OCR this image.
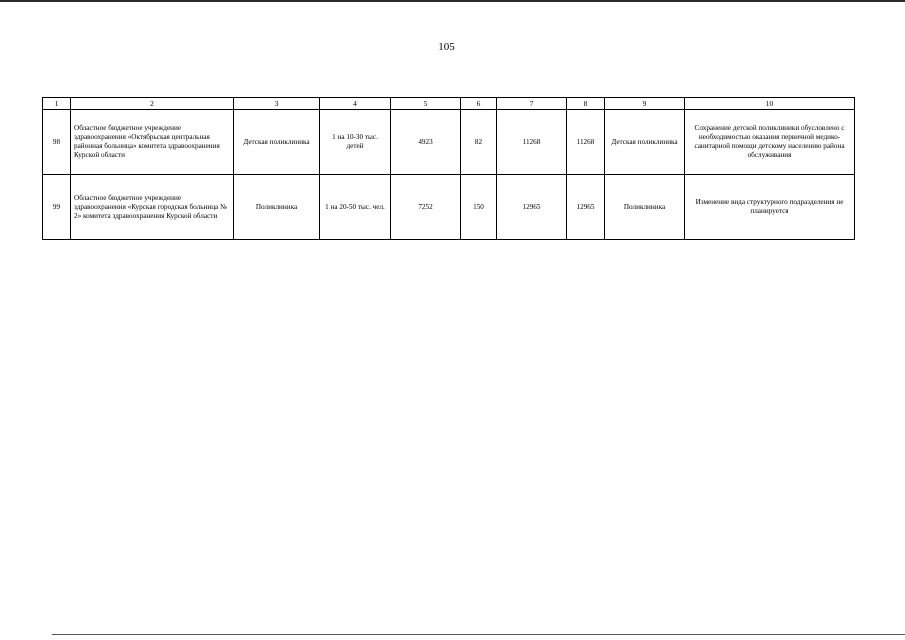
105
1	2	3	4	5	6	7	8	9	10
98	Областное бюджетное учреждение здравоохранения «Октябрьская центральная районная больница» комитета здравоохранения Курской области	Детская поликлиника	1 на 10-30 тыс. детей	4923	82	11268	11268	Детская поликлиника	Сохранение детской поликлиники обусловлено с необходимостью оказания первичной медико- санитарной помощи детскому населению района обслуживания
99	Областное бюджетное учреждение здравоохранения «Курская городская больница № 2» комитета здравоохранения Курской области	Поликлиника	1 на 20-50 тыс. чел.	7252	150	12965	12965	Поликлиника	Изменение вида структурного подразделения не планируется
